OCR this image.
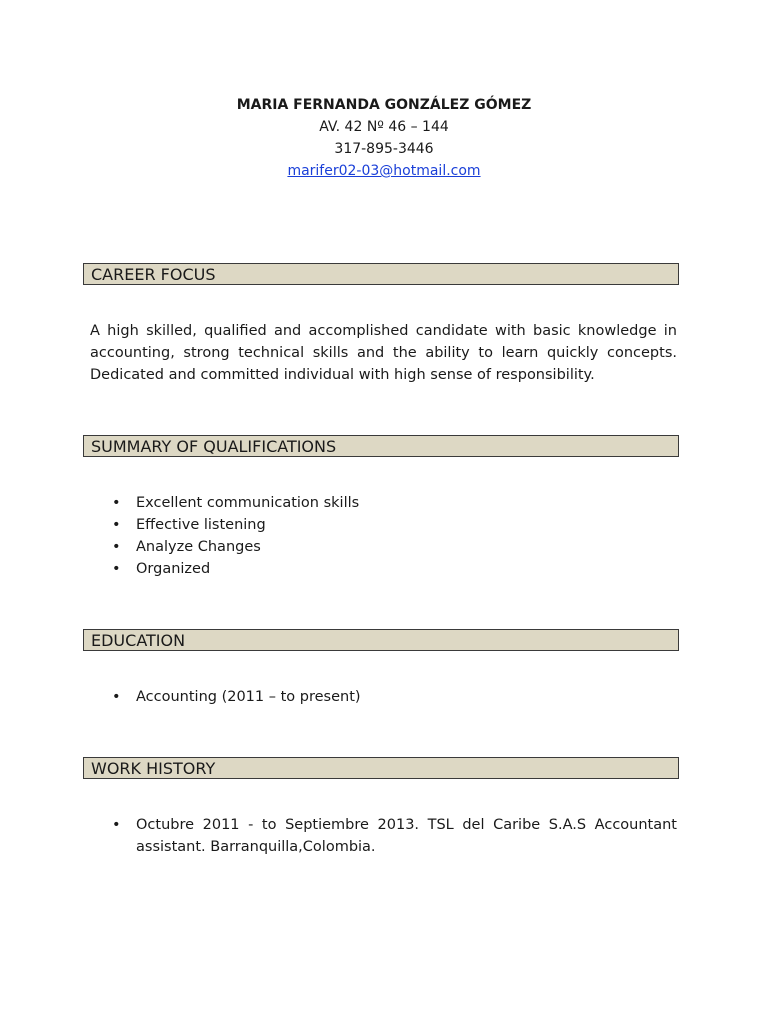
MARIA FERNANDA GONZÁLEZ GÓMEZ
AV. 42 Nº 46 – 144
317-895-3446
marifer02-03@hotmail.com
CAREER FOCUS
A high skilled, qualified and accomplished candidate with basic knowledge in accounting, strong technical skills and the ability to learn quickly concepts. Dedicated and committed individual with high sense of responsibility.
SUMMARY OF QUALIFICATIONS
• Excellent communication skills
• Effective listening
• Analyze Changes
• Organized
EDUCATION
• Accounting (2011 – to present)
WORK HISTORY
• Octubre 2011 - to Septiembre 2013. TSL del Caribe S.A.S Accountant assistant. Barranquilla,Colombia.
